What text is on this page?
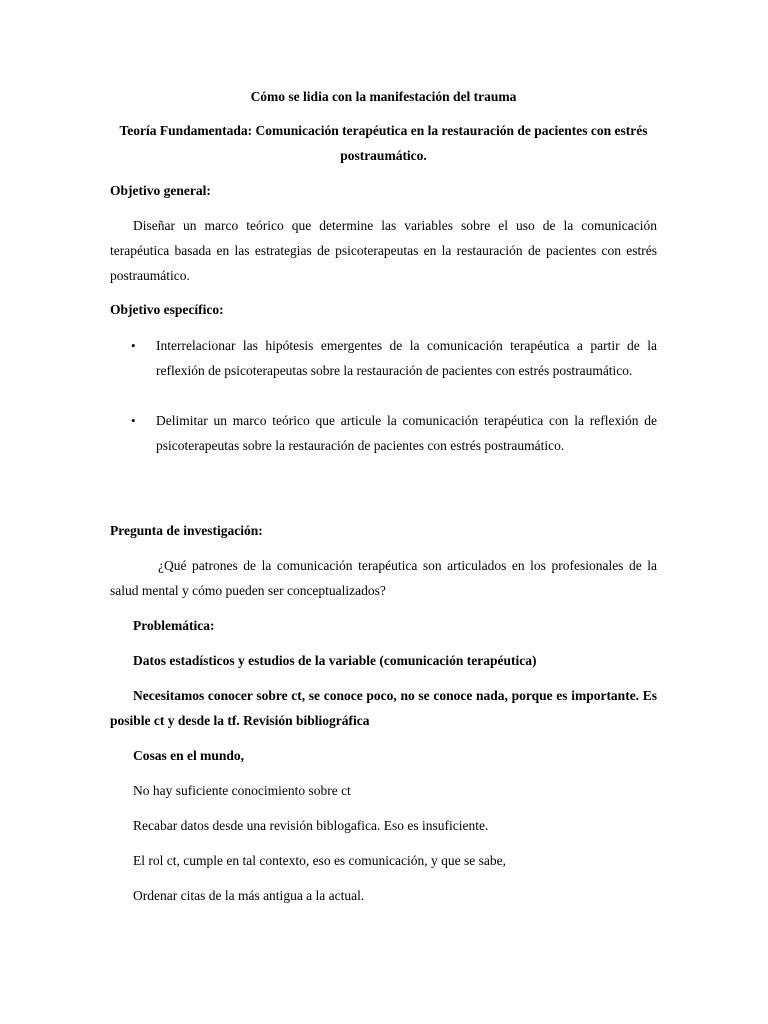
Cómo se lidia con la manifestación del trauma

Teoría Fundamentada: Comunicación terapéutica en la restauración de pacientes con estrés postraumático.

Objetivo general:

Diseñar un marco teórico que determine las variables sobre el uso de la comunicación terapéutica basada en las estrategias de psicoterapeutas en la restauración de pacientes con estrés postraumático.

Objetivo específico:

• Interrelacionar las hipótesis emergentes de la comunicación terapéutica a partir de la reflexión de psicoterapeutas sobre la restauración de pacientes con estrés postraumático.
• Delimitar un marco teórico que articule la comunicación terapéutica con la reflexión de psicoterapeutas sobre la restauración de pacientes con estrés postraumático.

Pregunta de investigación:

¿Qué patrones de la comunicación terapéutica son articulados en los profesionales de la salud mental y cómo pueden ser conceptualizados?

Problemática:

Datos estadísticos y estudios de la variable (comunicación terapéutica)

Necesitamos conocer sobre ct, se conoce poco, no se conoce nada, porque es importante. Es posible ct y desde la tf. Revisión bibliográfica

Cosas en el mundo,

No hay suficiente conocimiento sobre ct

Recabar datos desde una revisión biblogafica. Eso es insuficiente.

El rol ct, cumple en tal contexto, eso es comunicación, y que se sabe,

Ordenar citas de la más antigua a la actual.
